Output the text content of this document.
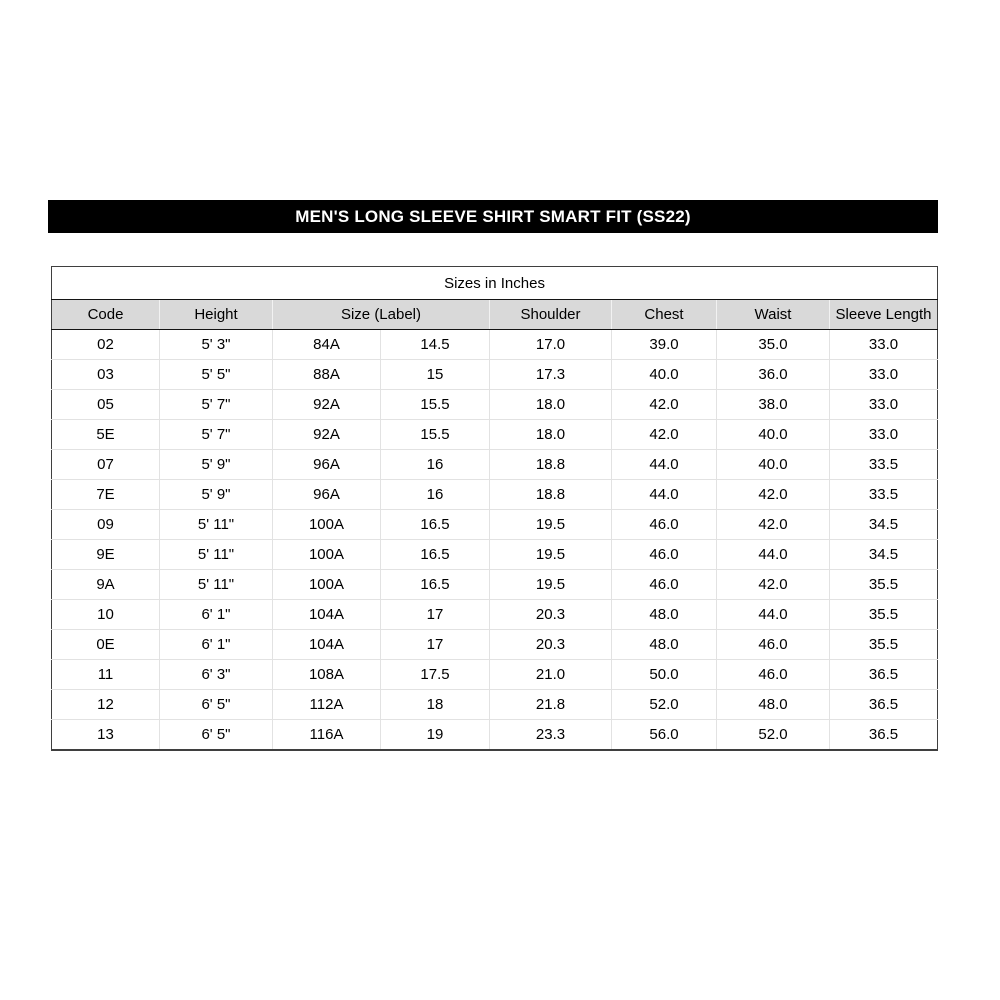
MEN'S LONG SLEEVE SHIRT SMART FIT (SS22)
Sizes in Inches							
Code	Height	Size (Label)		Shoulder	Chest	Waist	Sleeve Length
02	5' 3"	84A	14.5	17.0	39.0	35.0	33.0
03	5' 5"	88A	15	17.3	40.0	36.0	33.0
05	5' 7"	92A	15.5	18.0	42.0	38.0	33.0
5E	5' 7"	92A	15.5	18.0	42.0	40.0	33.0
07	5' 9"	96A	16	18.8	44.0	40.0	33.5
7E	5' 9"	96A	16	18.8	44.0	42.0	33.5
09	5' 11"	100A	16.5	19.5	46.0	42.0	34.5
9E	5' 11"	100A	16.5	19.5	46.0	44.0	34.5
9A	5' 11"	100A	16.5	19.5	46.0	42.0	35.5
10	6' 1"	104A	17	20.3	48.0	44.0	35.5
0E	6' 1"	104A	17	20.3	48.0	46.0	35.5
11	6' 3"	108A	17.5	21.0	50.0	46.0	36.5
12	6' 5"	112A	18	21.8	52.0	48.0	36.5
13	6' 5"	116A	19	23.3	56.0	52.0	36.5
